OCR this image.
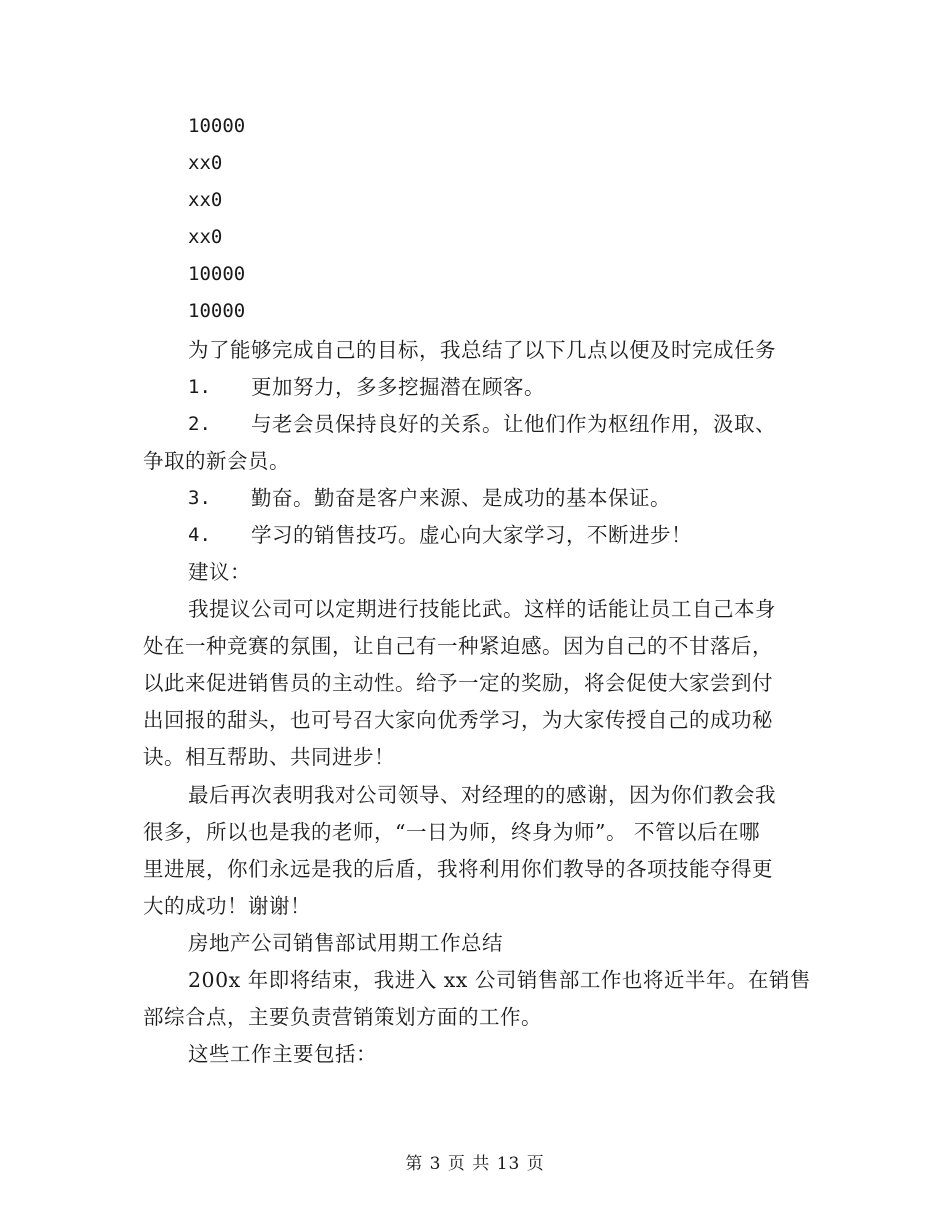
10000
xx0
xx0
xx0
10000
10000
为了能够完成自己的目标，我总结了以下几点以便及时完成任务
1. 更加努力，多多挖掘潜在顾客。
2. 与老会员保持良好的关系。让他们作为枢纽作用，汲取、
争取的新会员。
3. 勤奋。勤奋是客户来源、是成功的基本保证。
4. 学习的销售技巧。虚心向大家学习，不断进步！
建议：
我提议公司可以定期进行技能比武。这样的话能让员工自己本身
处在一种竞赛的氛围，让自己有一种紧迫感。因为自己的不甘落后，
以此来促进销售员的主动性。给予一定的奖励，将会促使大家尝到付
出回报的甜头，也可号召大家向优秀学习，为大家传授自己的成功秘
诀。相互帮助、共同进步！
最后再次表明我对公司领导、对经理的的感谢，因为你们教会我
很多，所以也是我的老师，“一日为师，终身为师”。 不管以后在哪
里进展，你们永远是我的后盾，我将利用你们教导的各项技能夺得更
大的成功！谢谢！
房地产公司销售部试用期工作总结
200x 年即将结束，我进入 xx 公司销售部工作也将近半年。在销售
部综合点，主要负责营销策划方面的工作。
这些工作主要包括：
第 3 页 共 13 页
